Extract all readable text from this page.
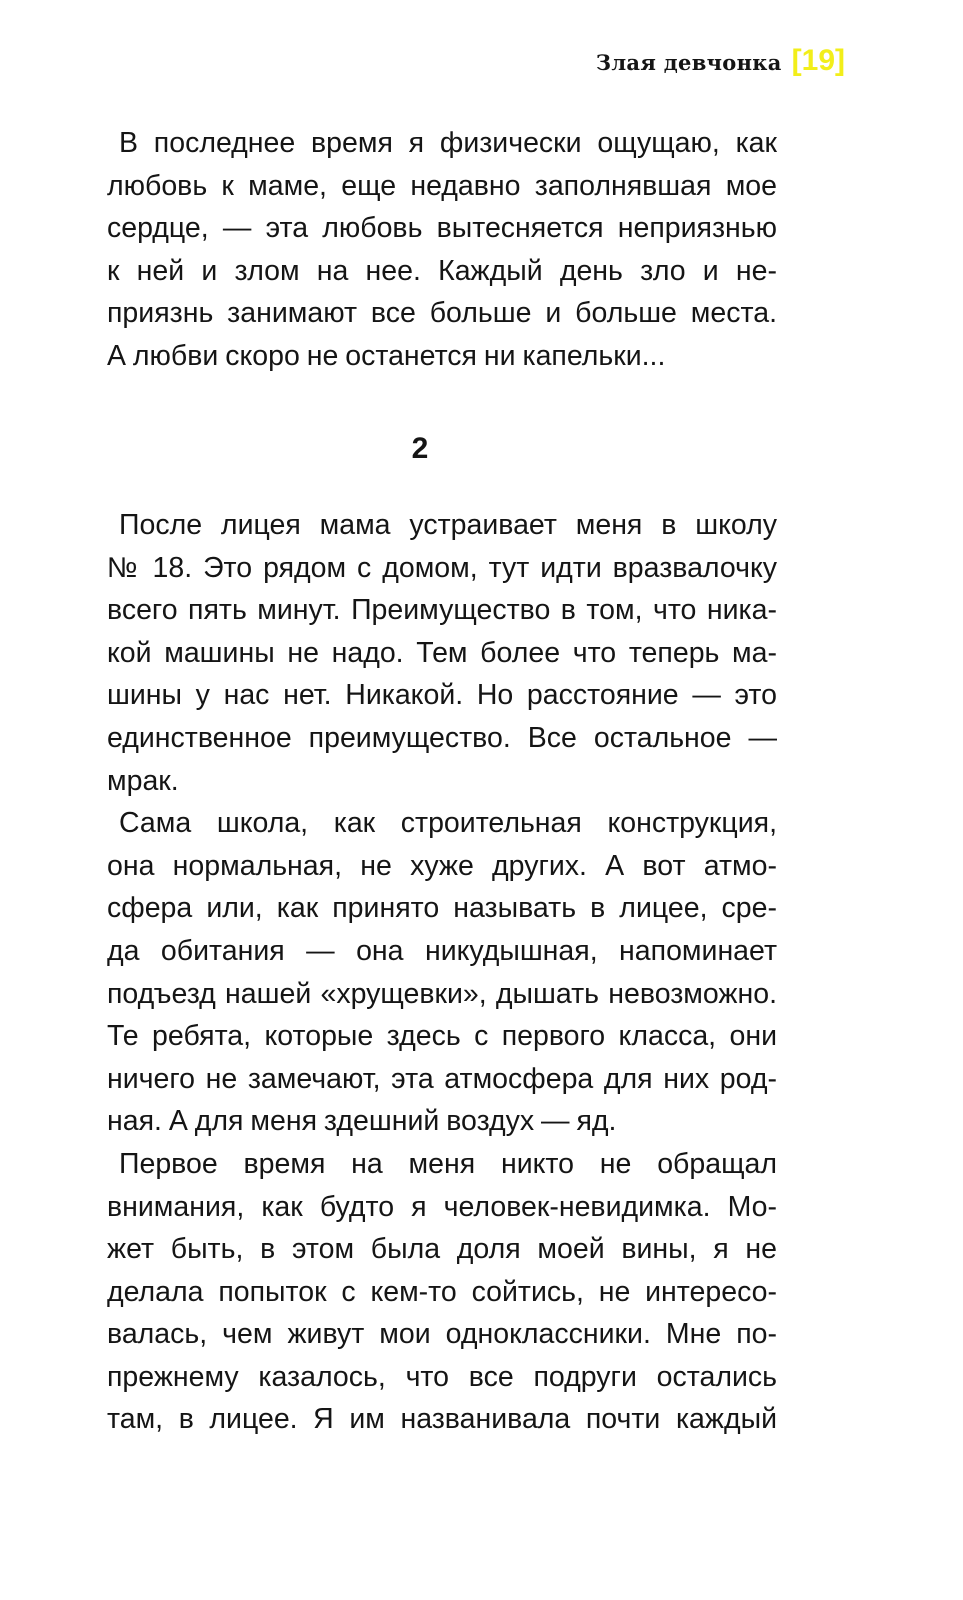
Злая девчонка [19]
В последнее время я физически ощущаю, как
любовь к маме, еще недавно заполнявшая мое
сердце, — эта любовь вытесняется неприязнью
к ней и злом на нее. Каждый день зло и не-
приязнь занимают все больше и больше места.
А любви скоро не останется ни капельки...
2
После лицея мама устраивает меня в школу
№ 18. Это рядом с домом, тут идти вразвалочку
всего пять минут. Преимущество в том, что ника-
кой машины не надо. Тем более что теперь ма-
шины у нас нет. Никакой. Но расстояние — это
единственное преимущество. Все остальное —
мрак.
Сама школа, как строительная конструкция,
она нормальная, не хуже других. А вот атмо-
сфера или, как принято называть в лицее, сре-
да обитания — она никудышная, напоминает
подъезд нашей «хрущевки», дышать невозможно.
Те ребята, которые здесь с первого класса, они
ничего не замечают, эта атмосфера для них род-
ная. А для меня здешний воздух — яд.
Первое время на меня никто не обращал
внимания, как будто я человек-невидимка. Мо-
жет быть, в этом была доля моей вины, я не
делала попыток с кем-то сойтись, не интересо-
валась, чем живут мои одноклассники. Мне по-
прежнему казалось, что все подруги остались
там, в лицее. Я им названивала почти каждый
